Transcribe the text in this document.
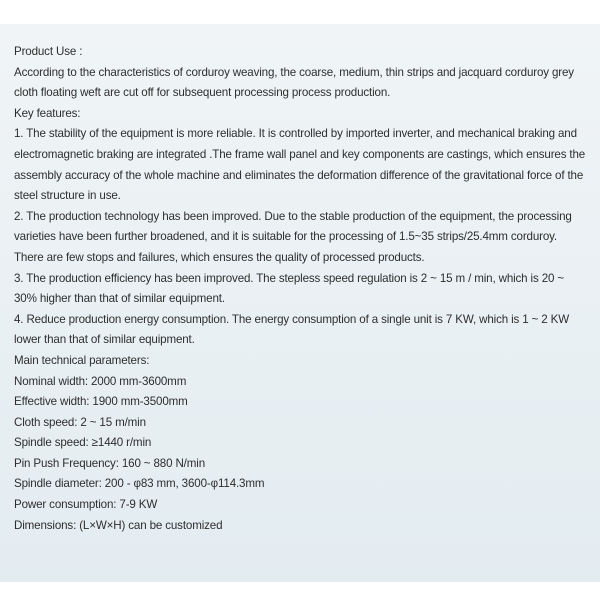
Product Use :

According to the characteristics of corduroy weaving, the coarse, medium, thin strips and jacquard corduroy grey cloth floating weft are cut off for subsequent processing process production.

Key features:

1. The stability of the equipment is more reliable. It is controlled by imported inverter, and mechanical braking and electromagnetic braking are integrated .The frame wall panel and key components are castings, which ensures the assembly accuracy of the whole machine and eliminates the deformation difference of the gravitational force of the steel structure in use.

2. The production technology has been improved. Due to the stable production of the equipment, the processing varieties have been further broadened, and it is suitable for the processing of 1.5~35 strips/25.4mm corduroy. There are few stops and failures, which ensures the quality of processed products.

3. The production efficiency has been improved. The stepless speed regulation is 2 ~ 15 m / min, which is 20 ~ 30% higher than that of similar equipment.

4. Reduce production energy consumption. The energy consumption of a single unit is 7 KW, which is 1 ~ 2 KW lower than that of similar equipment.

Main technical parameters:

Nominal width: 2000 mm-3600mm

Effective width: 1900 mm-3500mm

Cloth speed: 2 ~ 15 m/min

Spindle speed: ≥1440 r/min

Pin Push Frequency: 160 ~ 880 N/min

Spindle diameter: 200 - φ83 mm, 3600-φ114.3mm

Power consumption: 7-9 KW

Dimensions: (L×W×H) can be customized
